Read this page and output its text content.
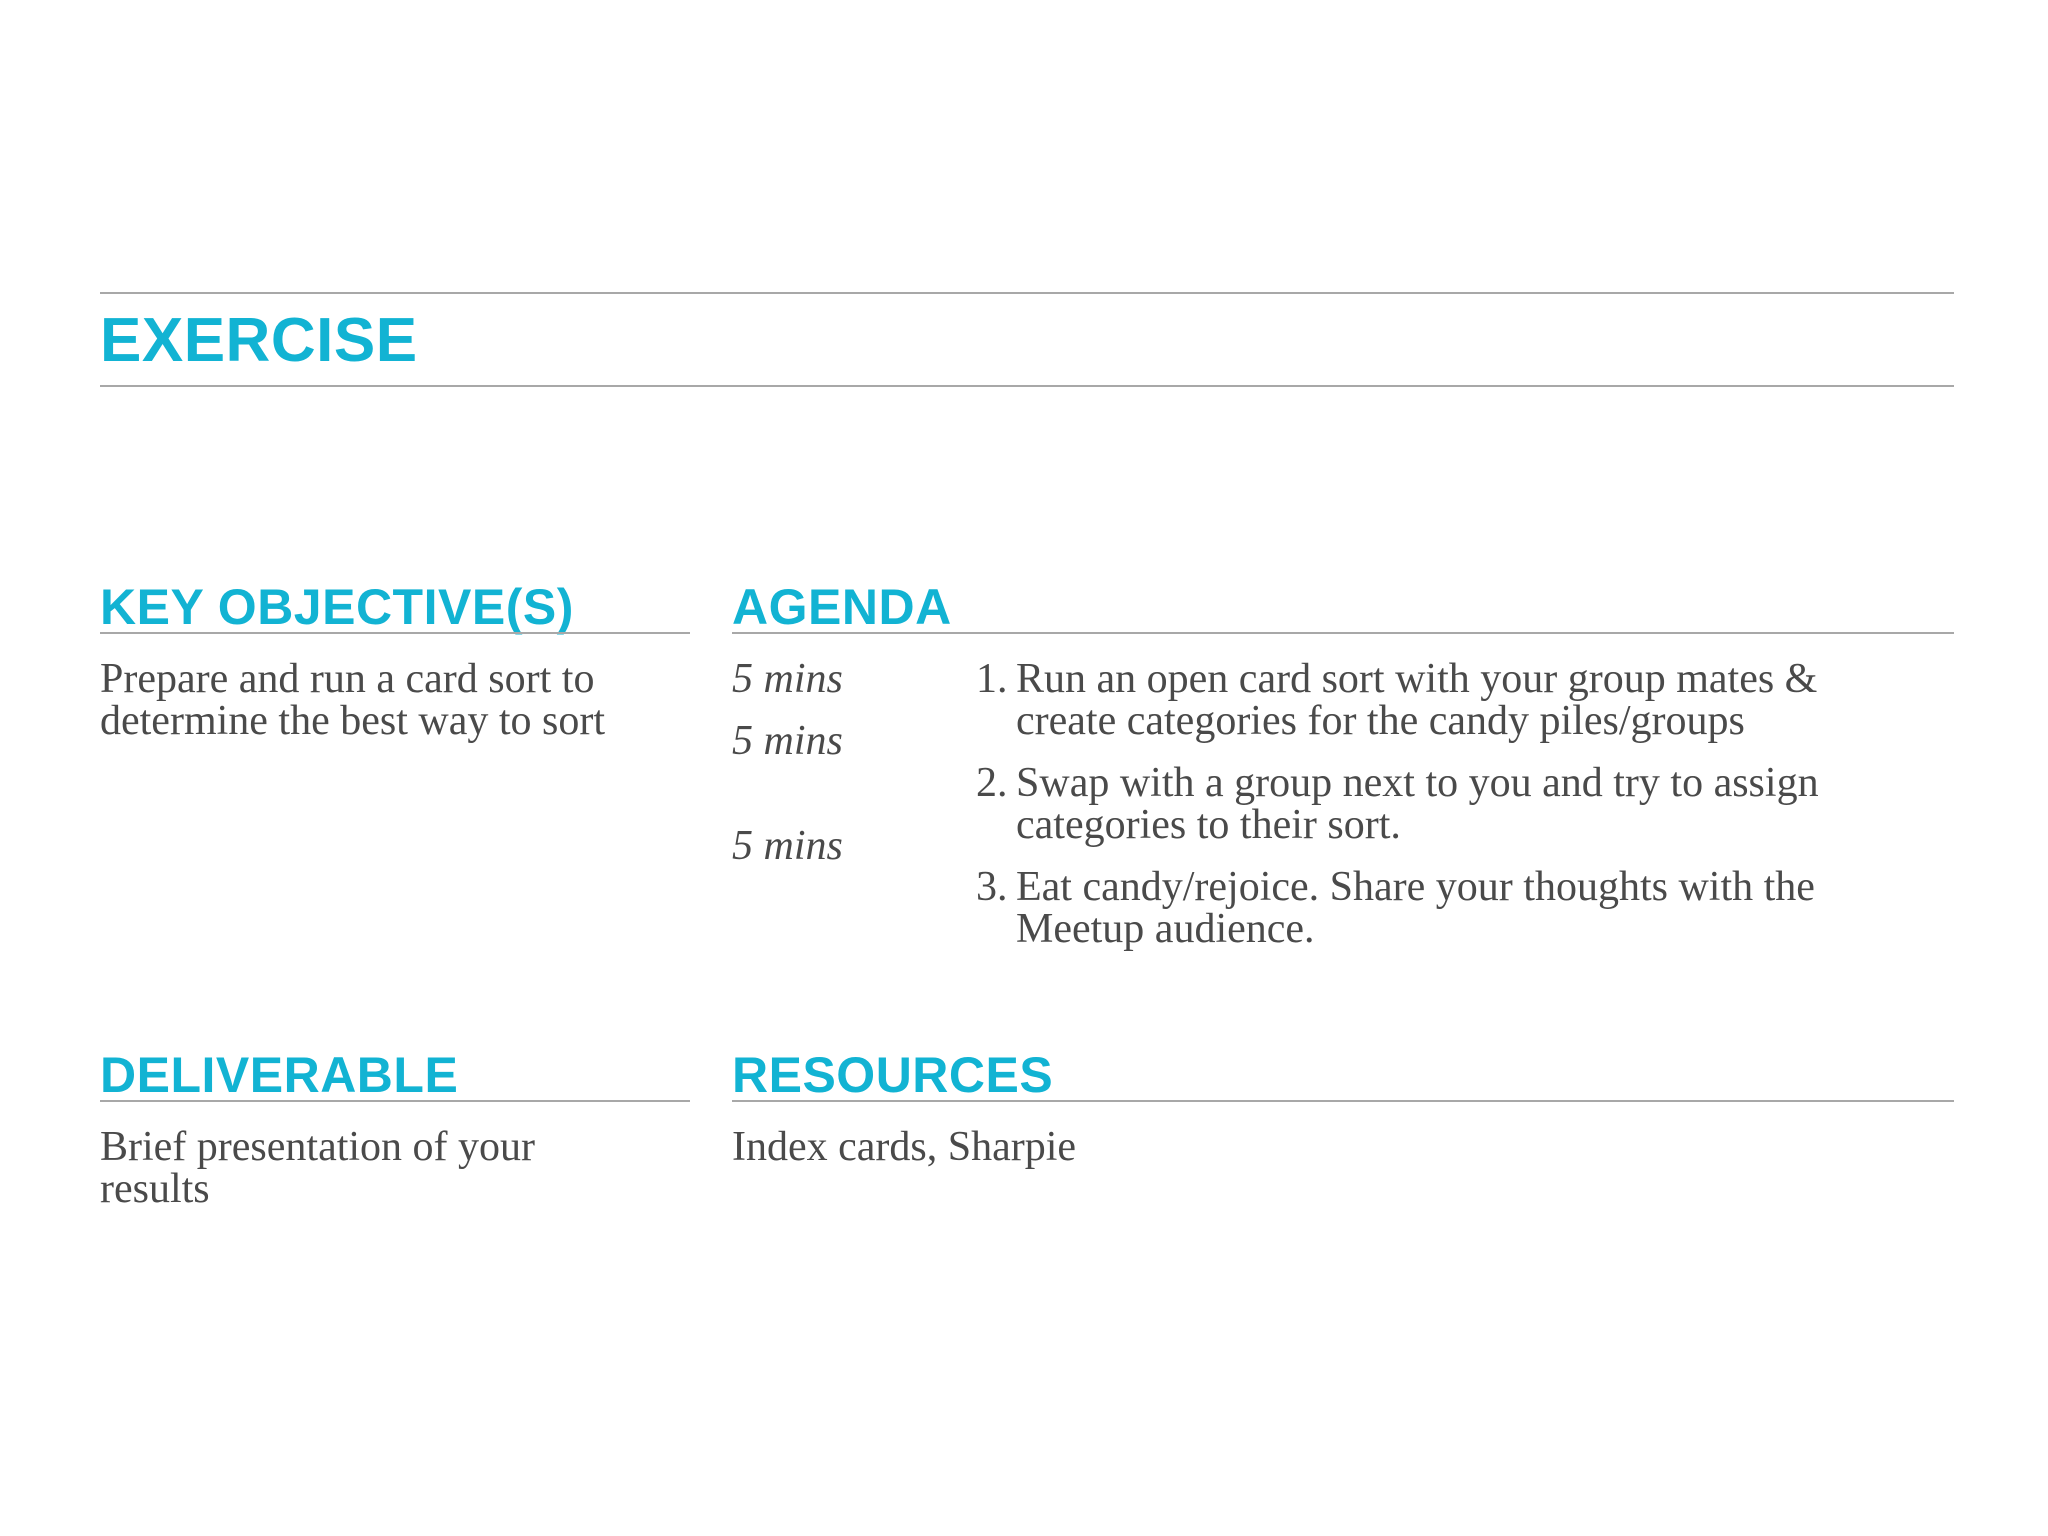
EXERCISE
KEY OBJECTIVE(S)
Prepare and run a card sort to
determine the best way to sort
AGENDA
5 mins
5 mins
5 mins
1. Run an open card sort with your group mates &
create categories for the candy piles/groups
2. Swap with a group next to you and try to assign
categories to their sort.
3. Eat candy/rejoice. Share your thoughts with the
Meetup audience.
DELIVERABLE
Brief presentation of your
results
RESOURCES
Index cards, Sharpie
